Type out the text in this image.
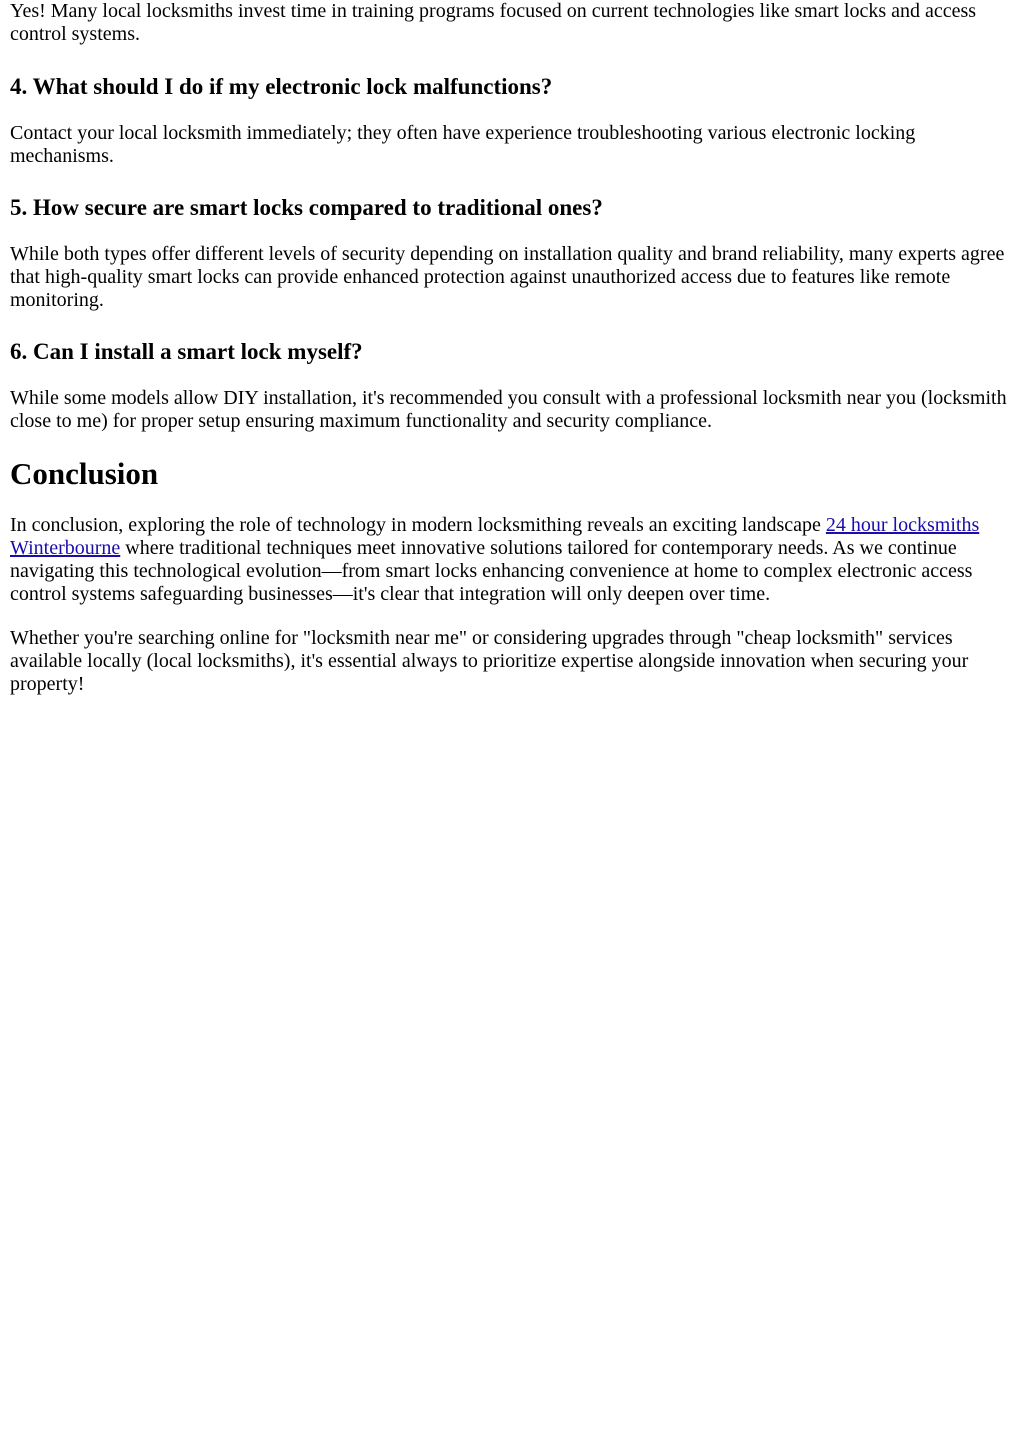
Yes! Many local locksmiths invest time in training programs focused on current technologies like smart locks and access control systems.

4. What should I do if my electronic lock malfunctions?

Contact your local locksmith immediately; they often have experience troubleshooting various electronic locking mechanisms.

5. How secure are smart locks compared to traditional ones?

While both types offer different levels of security depending on installation quality and brand reliability, many experts agree that high-quality smart locks can provide enhanced protection against unauthorized access due to features like remote monitoring.

6. Can I install a smart lock myself?

While some models allow DIY installation, it's recommended you consult with a professional locksmith near you (locksmith close to me) for proper setup ensuring maximum functionality and security compliance.

Conclusion

In conclusion, exploring the role of technology in modern locksmithing reveals an exciting landscape 24 hour locksmiths Winterbourne where traditional techniques meet innovative solutions tailored for contemporary needs. As we continue navigating this technological evolution—from smart locks enhancing convenience at home to complex electronic access control systems safeguarding businesses—it's clear that integration will only deepen over time.

Whether you're searching online for "locksmith near me" or considering upgrades through "cheap locksmith" services available locally (local locksmiths), it's essential always to prioritize expertise alongside innovation when securing your property!
